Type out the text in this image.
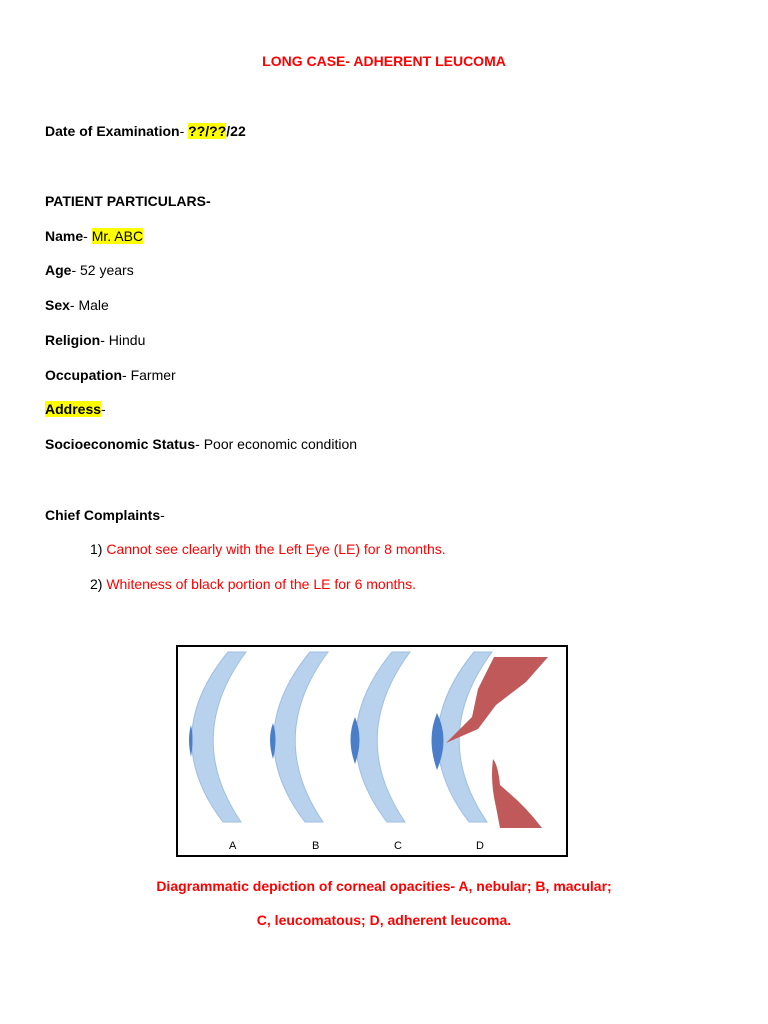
LONG CASE- ADHERENT LEUCOMA
Date of Examination- ??/??/22
PATIENT PARTICULARS-
Name- Mr. ABC
Age- 52 years
Sex- Male
Religion- Hindu
Occupation- Farmer
Address-
Socioeconomic Status- Poor economic condition
Chief Complaints-
1) Cannot see clearly with the Left Eye (LE) for 8 months.
2) Whiteness of black portion of the LE for 6 months.
A	B	C	D
Diagrammatic depiction of corneal opacities- A, nebular; B, macular;
C, leucomatous; D, adherent leucoma.
